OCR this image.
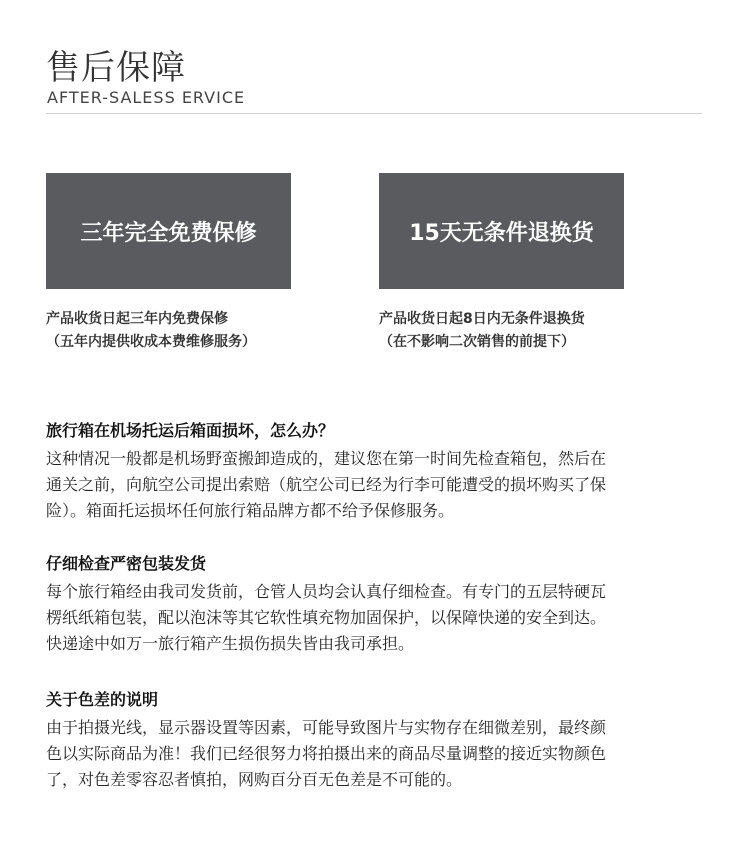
售后保障
AFTER-SALESS ERVICE
三年完全免费保修	15天无条件退换货
产品收货日起三年内免费保修
（五年内提供收成本费维修服务）
产品收货日起8日内无条件退换货
（在不影响二次销售的前提下）
旅行箱在机场托运后箱面损坏，怎么办？

这种情况一般都是机场野蛮搬卸造成的，建议您在第一时间先检查箱包，然后在
通关之前，向航空公司提出索赔（航空公司已经为行李可能遭受的损坏购买了保
险）。箱面托运损坏任何旅行箱品牌方都不给予保修服务。

仔细检查严密包装发货

每个旅行箱经由我司发货前，仓管人员均会认真仔细检查。有专门的五层特硬瓦
楞纸纸箱包装，配以泡沫等其它软性填充物加固保护，以保障快递的安全到达。
快递途中如万一旅行箱产生损伤损失皆由我司承担。

关于色差的说明

由于拍摄光线，显示器设置等因素，可能导致图片与实物存在细微差别，最终颜
色以实际商品为准！我们已经很努力将拍摄出来的商品尽量调整的接近实物颜色
了，对色差零容忍者慎拍，网购百分百无色差是不可能的。
